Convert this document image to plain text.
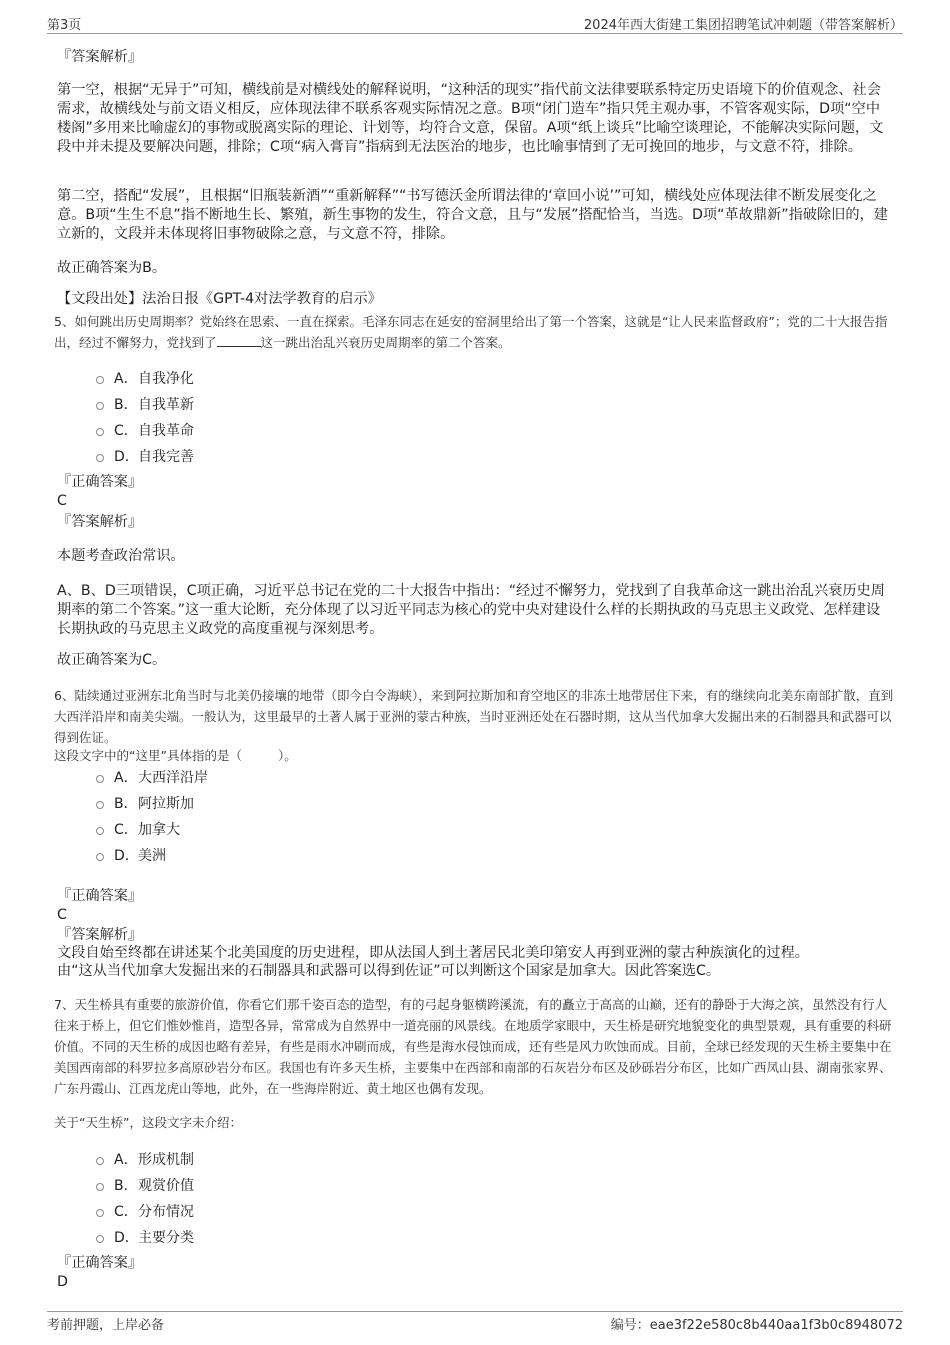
第3页	2024年西大街建工集团招聘笔试冲刺题（带答案解析）
『答案解析』
第一空，根据“无异于”可知，横线前是对横线处的解释说明，“这种活的现实”指代前文法律要联系特定历史语境下的价值观念、社会需求，故横线处与前文语义相反，应体现法律不联系客观实际情况之意。B项“闭门造车”指只凭主观办事，不管客观实际，D项“空中楼阁”多用来比喻虚幻的事物或脱离实际的理论、计划等，均符合文意，保留。A项“纸上谈兵”比喻空谈理论，不能解决实际问题，文段中并未提及要解决问题，排除；C项“病入膏肓”指病到无法医治的地步，也比喻事情到了无可挽回的地步，与文意不符，排除。
第二空，搭配“发展”，且根据“旧瓶装新酒”“重新解释”“书写德沃金所谓法律的‘章回小说’”可知，横线处应体现法律不断发展变化之意。B项“生生不息”指不断地生长、繁殖，新生事物的发生，符合文意，且与“发展”搭配恰当，当选。D项“革故鼎新”指破除旧的，建立新的，文段并未体现将旧事物破除之意，与文意不符，排除。
故正确答案为B。
【文段出处】法治日报《GPT-4对法学教育的启示》
5、如何跳出历史周期率？党始终在思索、一直在探索。毛泽东同志在延安的窑洞里给出了第一个答案，这就是“让人民来监督政府”；党的二十大报告指出，经过不懈努力，党找到了	这一跳出治乱兴衰历史周期率的第二个答案。
A． 自我净化
B． 自我革新
C． 自我革命
D． 自我完善
『正确答案』
C
『答案解析』
本题考查政治常识。
A、B、D三项错误，C项正确，习近平总书记在党的二十大报告中指出：“经过不懈努力，党找到了自我革命这一跳出治乱兴衰历史周期率的第二个答案。”这一重大论断，充分体现了以习近平同志为核心的党中央对建设什么样的长期执政的马克思主义政党、怎样建设长期执政的马克思主义政党的高度重视与深刻思考。
故正确答案为C。
6、陆续通过亚洲东北角当时与北美仍接壤的地带（即今白令海峡），来到阿拉斯加和育空地区的非冻土地带居住下来，有的继续向北美东南部扩散，直到大西洋沿岸和南美尖端。一般认为，这里最早的土著人属于亚洲的蒙古种族，当时亚洲还处在石器时期，这从当代加拿大发掘出来的石制器具和武器可以得到佐证。
这段文字中的“这里”具体指的是（	）。
A． 大西洋沿岸
B． 阿拉斯加
C． 加拿大
D． 美洲
『正确答案』
C
『答案解析』
文段自始至终都在讲述某个北美国度的历史进程，即从法国人到土著居民北美印第安人再到亚洲的蒙古种族演化的过程。
由“这从当代加拿大发掘出来的石制器具和武器可以得到佐证”可以判断这个国家是加拿大。因此答案选C。
7、天生桥具有重要的旅游价值，你看它们那千姿百态的造型，有的弓起身躯横跨溪流，有的矗立于高高的山巅，还有的静卧于大海之滨，虽然没有行人往来于桥上，但它们惟妙惟肖，造型各异，常常成为自然界中一道亮丽的风景线。在地质学家眼中，天生桥是研究地貌变化的典型景观，具有重要的科研价值。不同的天生桥的成因也略有差异，有些是雨水冲刷而成，有些是海水侵蚀而成，还有些是风力吹蚀而成。目前，全球已经发现的天生桥主要集中在美国西南部的科罗拉多高原砂岩分布区。我国也有许多天生桥，主要集中在西部和南部的石灰岩分布区及砂砾岩分布区，比如广西凤山县、湖南张家界、广东丹霞山、江西龙虎山等地，此外，在一些海岸附近、黄土地区也偶有发现。
关于“天生桥”，这段文字未介绍：
A． 形成机制
B． 观赏价值
C． 分布情况
D． 主要分类
『正确答案』
D
考前押题，上岸必备	编号：eae3f22e580c8b440aa1f3b0c8948072
